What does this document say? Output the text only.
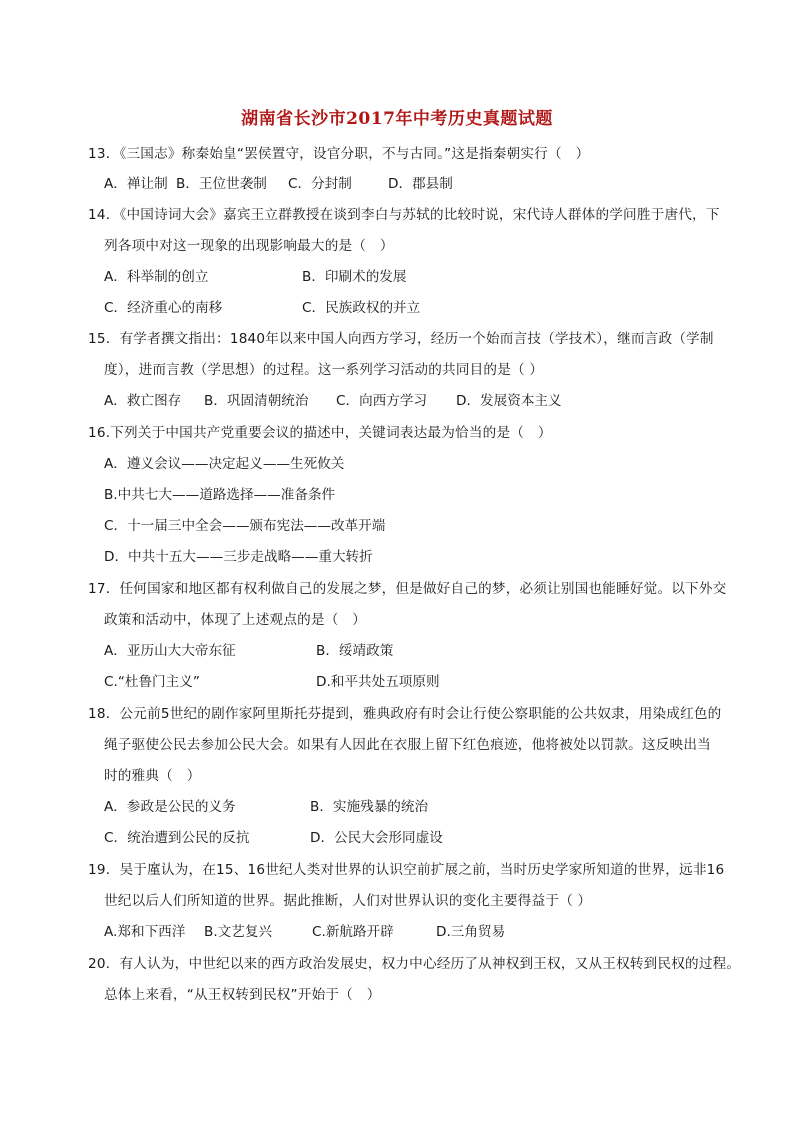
湖南省长沙市2017年中考历史真题试题
13．《三国志》称秦始皇“罢侯置守，设官分职，不与古同。”这是指秦朝实行（　）
A．禅让制 B．王位世袭制 C．分封制	D．郡县制
14．《中国诗词大会》嘉宾王立群教授在谈到李白与苏轼的比较时说，宋代诗人群体的学问胜于唐代，下
列各项中对这一现象的出现影响最大的是（　）
A．科举制的创立	B．印刷术的发展
C．经济重心的南移	C．民族政权的并立
15．有学者撰文指出：1840年以来中国人向西方学习，经历一个始而言技（学技术），继而言政（学制
度），进而言教（学思想）的过程。这一系列学习活动的共同目的是（ ）
A．救亡图存 B．巩固清朝统治 C．向西方学习 D．发展资本主义
16.下列关于中国共产党重要会议的描述中，关键词表达最为恰当的是（　）
A．遵义会议——决定起义——生死攸关
B.中共七大——道路选择——准备条件
C．十一届三中全会——颁布宪法——改革开端
D．中共十五大——三步走战略——重大转折
17．任何国家和地区都有权利做自己的发展之梦，但是做好自己的梦，必须让别国也能睡好觉。以下外交
政策和活动中，体现了上述观点的是（　）
A．亚历山大大帝东征	B．绥靖政策
C.“杜鲁门主义”	D.和平共处五项原则
18．公元前5世纪的剧作家阿里斯托芬提到，雅典政府有时会让行使公察职能的公共奴隶，用染成红色的
绳子驱使公民去参加公民大会。如果有人因此在衣服上留下红色痕迹，他将被处以罚款。这反映出当
时的雅典（　）
A．参政是公民的义务	B．实施残暴的统治
C．统治遭到公民的反抗	D．公民大会形同虚设
19．吴于廑认为，在15、16世纪人类对世界的认识空前扩展之前，当时历史学家所知道的世界，远非16
世纪以后人们所知道的世界。据此推断，人们对世界认识的变化主要得益于（ ）
A.郑和下西洋 B.文艺复兴	C.新航路开辟	D.三角贸易
20．有人认为，中世纪以来的西方政治发展史，权力中心经历了从神权到王权，又从王权转到民权的过程。
总体上来看，“从王权转到民权”开始于（　）
